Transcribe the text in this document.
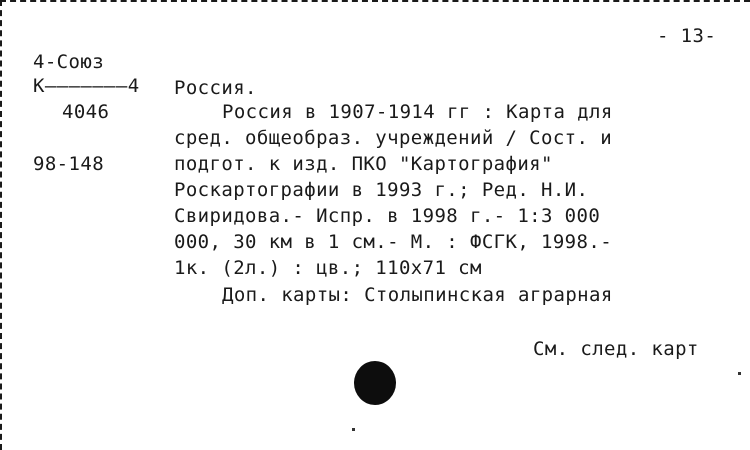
- 13-
4-Союз
К———————4
4046
98-148
Россия.
Россия в 1907-1914 гг : Карта для
сред. общеобраз. учреждений / Сост. и
подгот. к изд. ПКО "Картография"
Роскартографии в 1993 г.; Ред. Н.И.
Свиридова.- Испр. в 1998 г.- 1:3 000
000, 30 км в 1 см.- М. : ФСГК, 1998.-
1к. (2л.) : цв.; 110х71 см
Доп. карты: Столыпинская аграрная
См. след. карт
